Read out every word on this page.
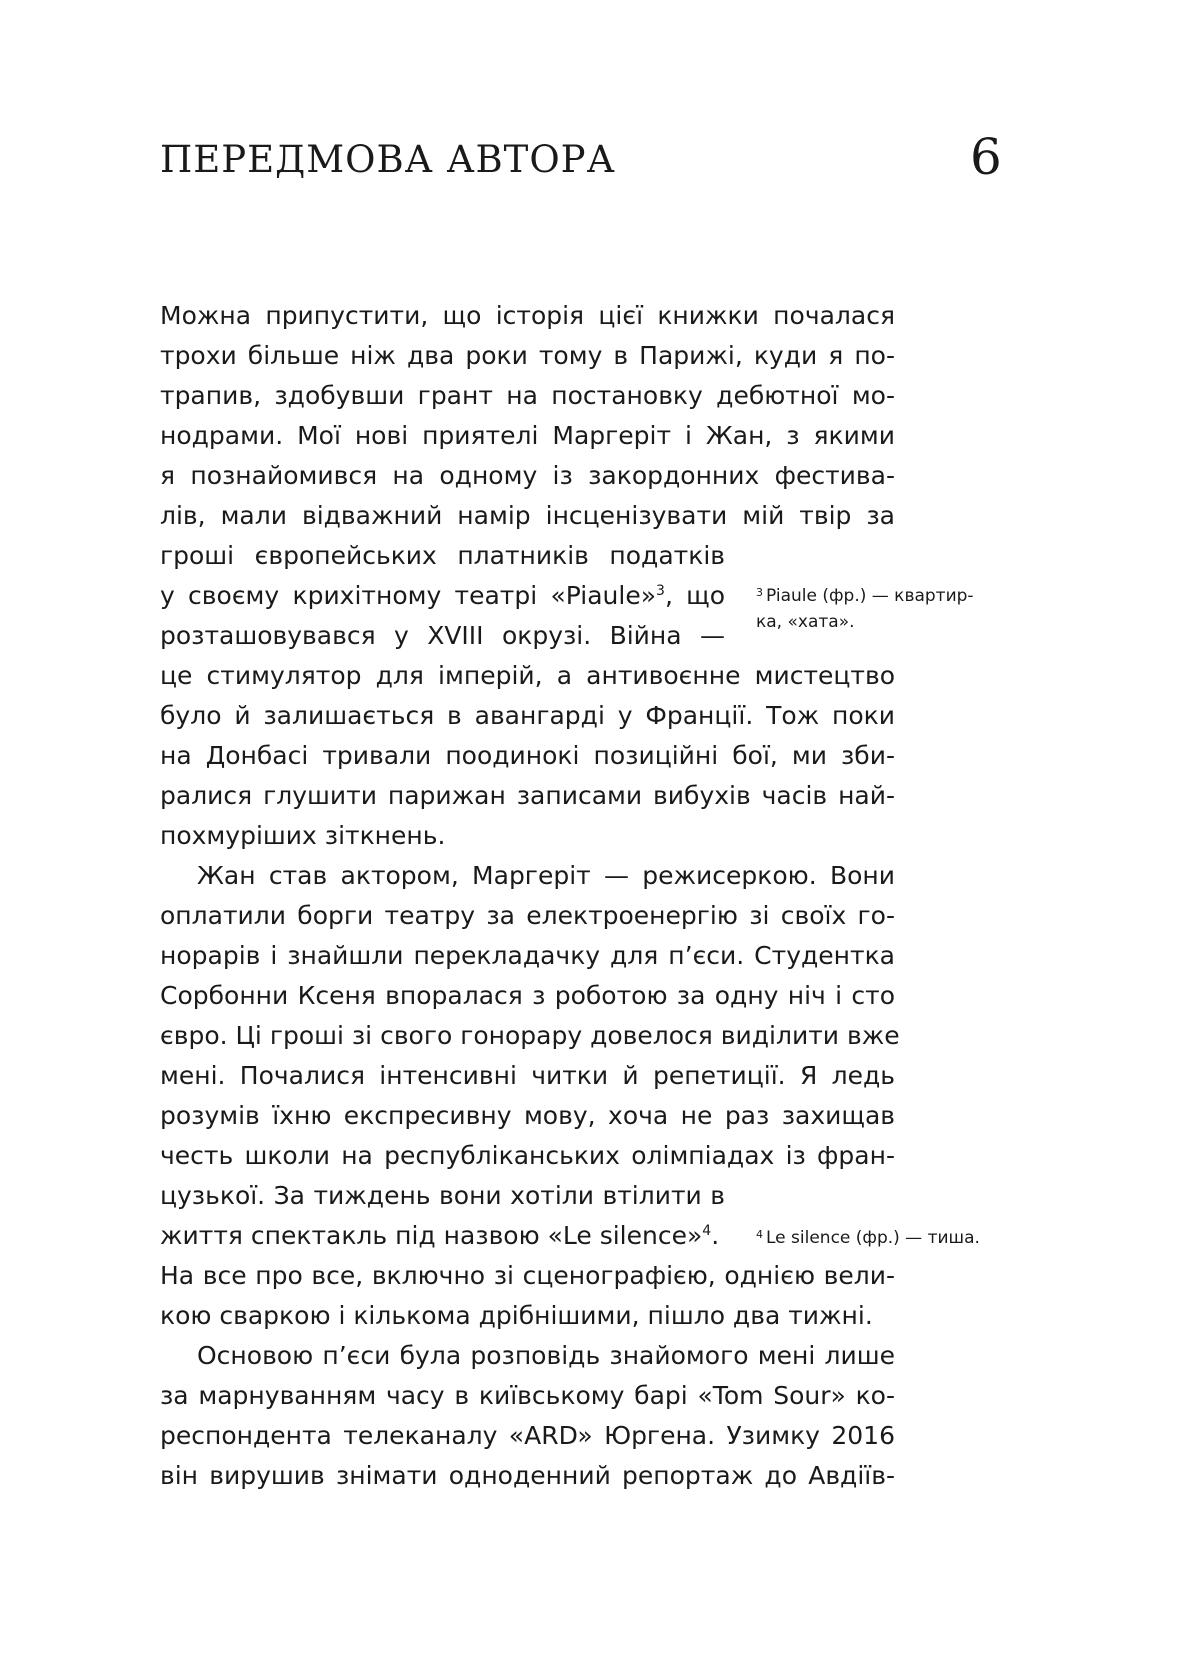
ПЕРЕДМОВА АВТОРА	6
Можна припустити, що історія цієї книжки почалася
трохи більше ніж два роки тому в Парижі, куди я по-
трапив, здобувши грант на постановку дебютної мо-
нодрами. Мої нові приятелі Маргеріт і Жан, з якими
я познайомився на одному із закордонних фестива-
лів, мали відважний намір інсценізувати мій твір за
гроші європейських платників податків
у своєму крихітному театрі «Piaule»$^3$, що
розташовувався у XVIII окрузі. Війна —
це стимулятор для імперій, а антивоєнне мистецтво
було й залишається в авангарді у Франції. Тож поки
на Донбасі тривали поодинокі позиційні бої, ми зби-
ралися глушити парижан записами вибухів часів най-
похмуріших зіткнень.
Жан став актором, Маргеріт — режисеркою. Вони
оплатили борги театру за електроенергію зі своїх го-
норарів і знайшли перекладачку для п’єси. Студентка
Сорбонни Ксеня впоралася з роботою за одну ніч і сто
євро. Ці гроші зі свого гонорару довелося виділити вже
мені. Почалися інтенсивні читки й репетиції. Я ледь
розумів їхню експресивну мову, хоча не раз захищав
честь школи на республіканських олімпіадах із фран-
цузької. За тиждень вони хотіли втілити в
життя спектакль під назвою «Le silence»$^4$.
На все про все, включно зі сценографією, однією вели-
кою сваркою і кількома дрібнішими, пішло два тижні.
Основою п’єси була розповідь знайомого мені лише
за марнуванням часу в київському барі «Tom Sour» ко-
респондента телеканалу «ARD» Юргена. Узимку 2016
він вирушив знімати одноденний репортаж до Авдіїв-
$^3$ Piaule (фр.) — квартир-
ка, «хата».
$^4$ Le silence (фр.) — тиша.
